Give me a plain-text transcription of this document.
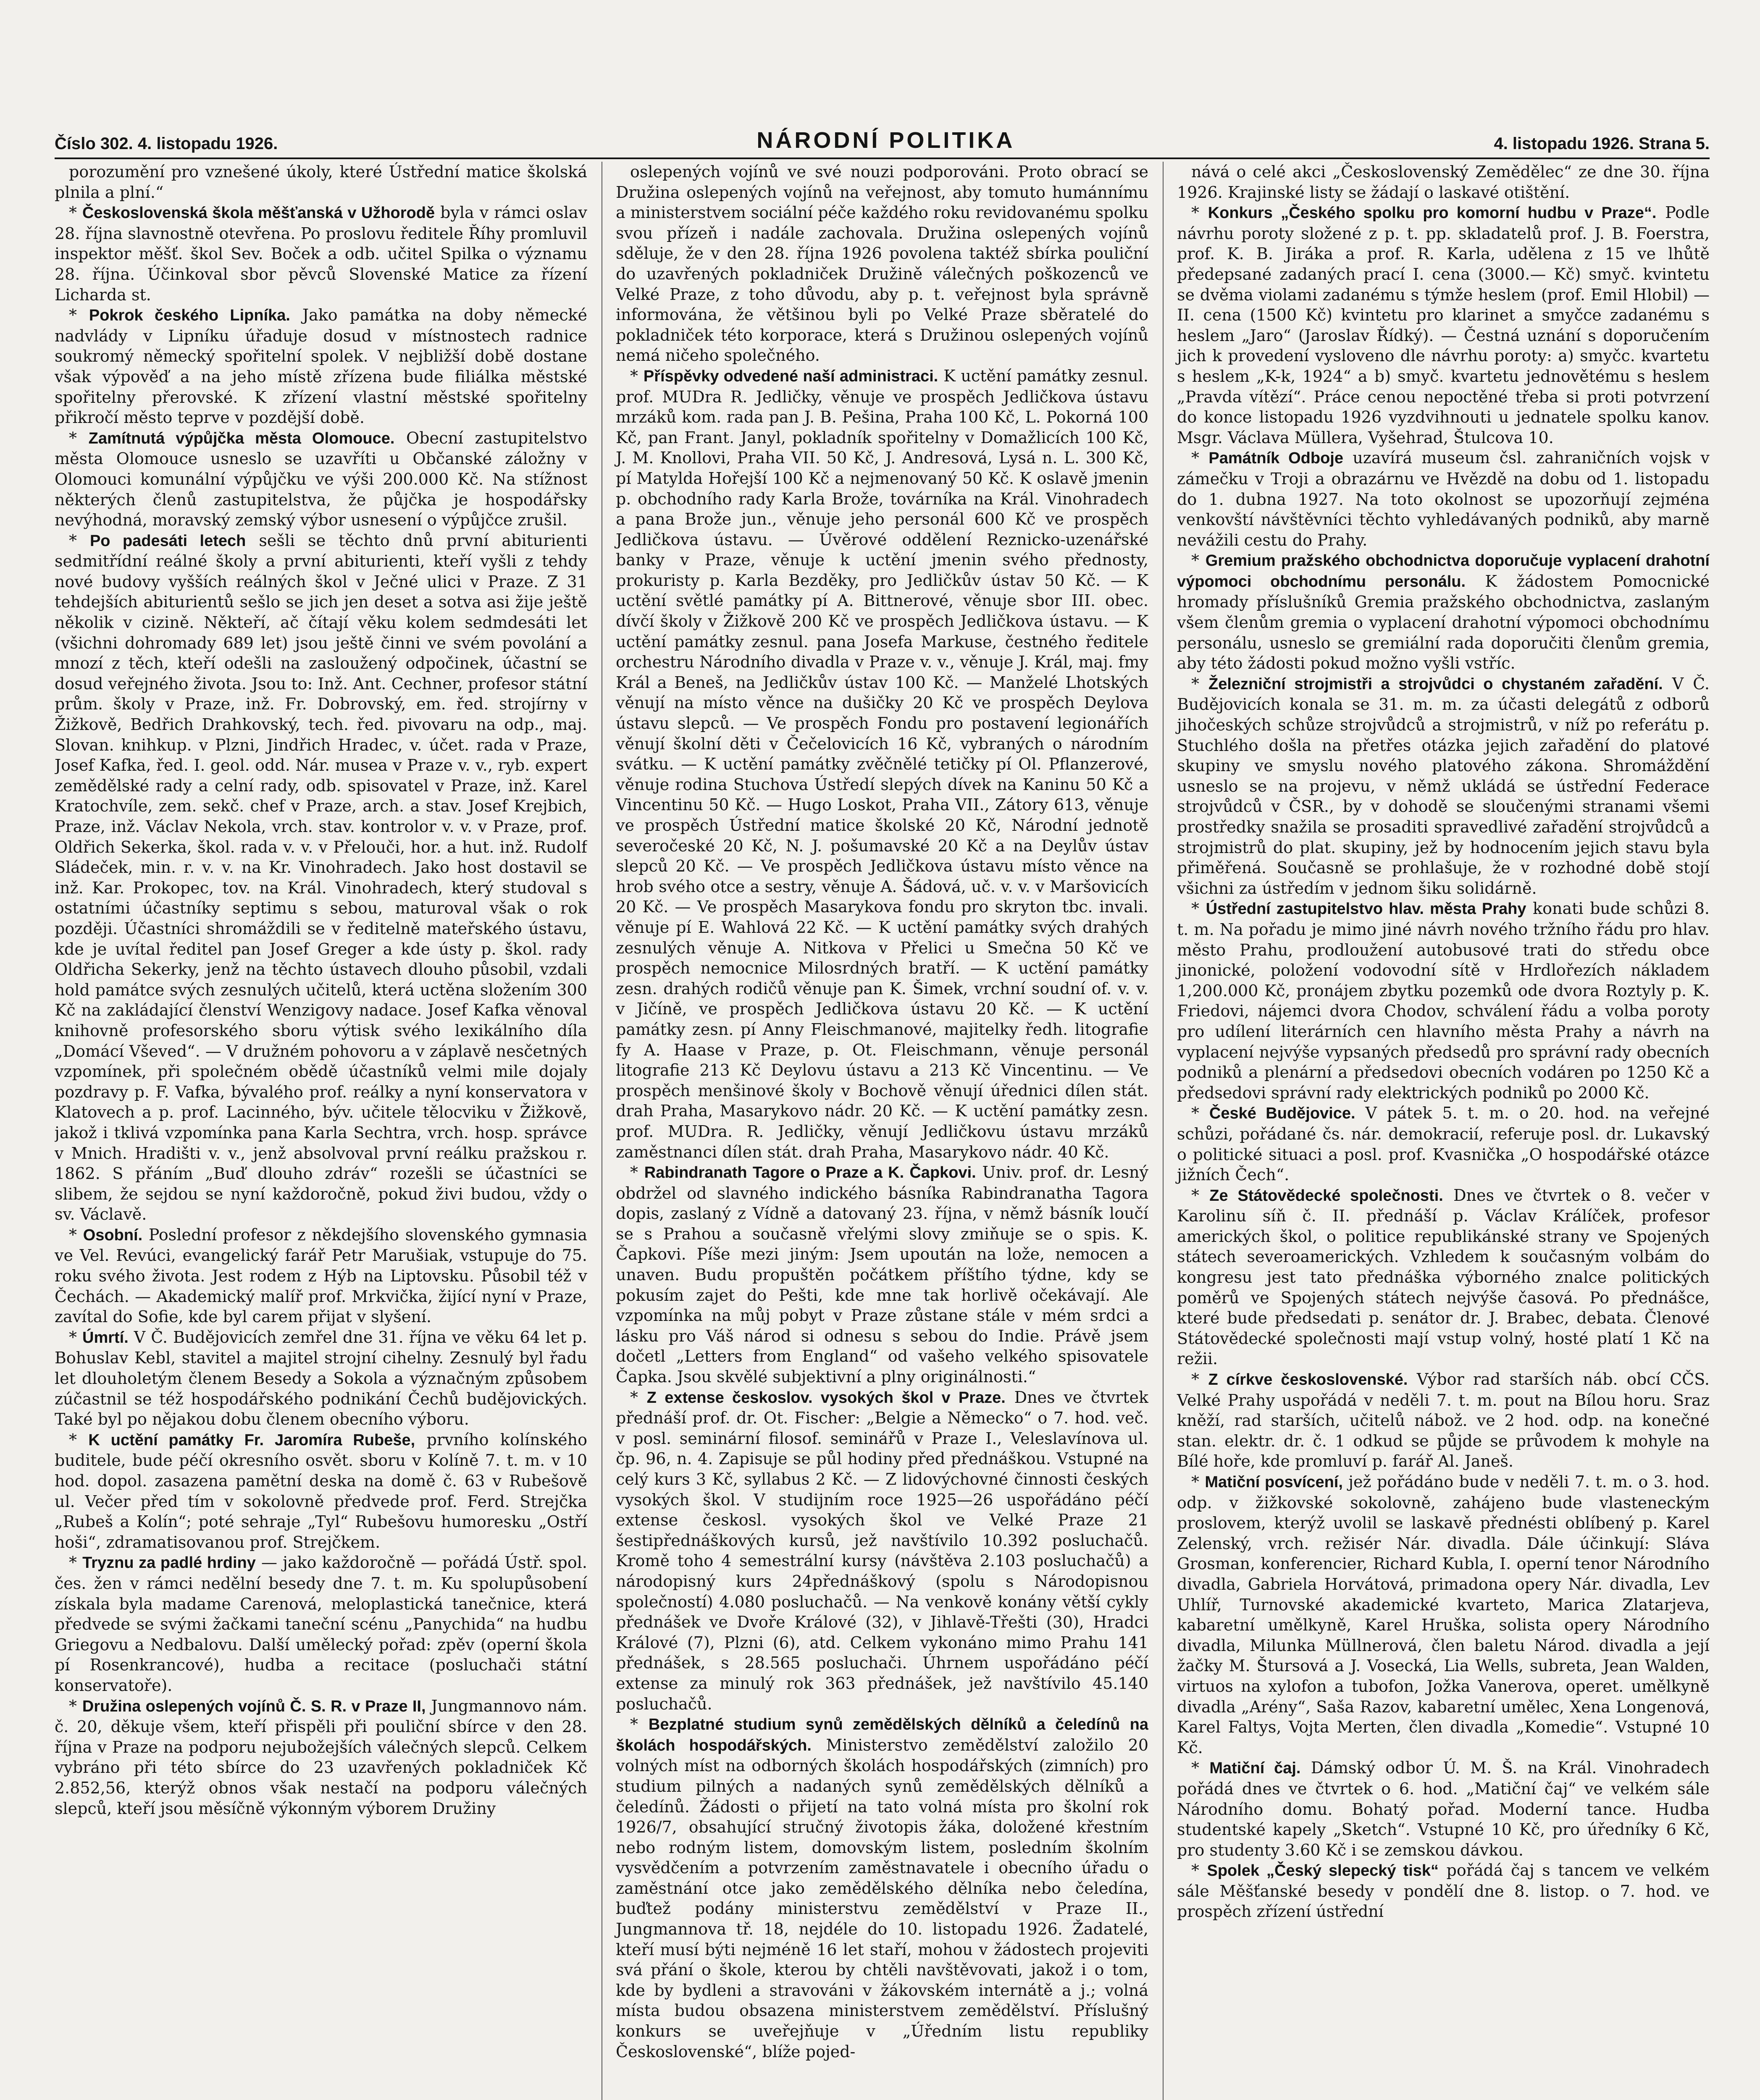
Číslo 302. 4. listopadu 1926.	NÁRODNÍ POLITIKA	4. listopadu 1926. Strana 5.

porozumění pro vznešené úkoly, které Ústřední matice školská plnila a plní.“

* Československá škola měšťanská v Užhorodě byla v rámci oslav 28. října slavnostně otevřena. Po proslovu ředitele Říhy promluvil inspektor měšť. škol Sev. Boček a odb. učitel Spilka o významu 28. října. Účinkoval sbor pěvců Slovenské Matice za řízení Licharda st.

* Pokrok českého Lipníka. Jako památka na doby německé nadvlády v Lipníku úřaduje dosud v místnostech radnice soukromý německý spořitelní spolek. V nejbližší době dostane však výpověď a na jeho místě zřízena bude filiálka městské spořitelny přerovské. K zřízení vlastní městské spořitelny přikročí město teprve v pozdější době.

* Zamítnutá výpůjčka města Olomouce. Obecní zastupitelstvo města Olomouce usneslo se uzavříti u Občanské záložny v Olomouci komunální výpůjčku ve výši 200.000 Kč. Na stížnost některých členů zastupitelstva, že půjčka je hospodářsky nevýhodná, moravský zemský výbor usnesení o výpůjčce zrušil.

* Po padesáti letech sešli se těchto dnů první abiturienti sedmitřídní reálné školy a první abiturienti, kteří vyšli z tehdy nové budovy vyšších reálných škol v Ječné ulici v Praze. Z 31 tehdejších abiturientů sešlo se jich jen deset a sotva asi žije ještě několik v cizině. Někteří, ač čítají věku kolem sedmdesáti let (všichni dohromady 689 let) jsou ještě činni ve svém povolání a mnozí z těch, kteří odešli na zasloužený odpočinek, účastní se dosud veřejného života. Jsou to: Inž. Ant. Cechner, profesor státní prům. školy v Praze, inž. Fr. Dobrovský, em. řed. strojírny v Žižkově, Bedřich Drahkovský, tech. řed. pivovaru na odp., maj. Slovan. knihkup. v Plzni, Jindřich Hradec, v. účet. rada v Praze, Josef Kafka, řed. I. geol. odd. Nár. musea v Praze v. v., ryb. expert zemědělské rady a celní rady, odb. spisovatel v Praze, inž. Karel Kratochvíle, zem. sekč. chef v Praze, arch. a stav. Josef Krejbich, Praze, inž. Václav Nekola, vrch. stav. kontrolor v. v. v Praze, prof. Oldřich Sekerka, škol. rada v. v. v Přelouči, hor. a hut. inž. Rudolf Sládeček, min. r. v. v. na Kr. Vinohradech. Jako host dostavil se inž. Kar. Prokopec, tov. na Král. Vinohradech, který studoval s ostatními účastníky septimu s sebou, maturoval však o rok později. Účastníci shromáždili se v ředitelně mateřského ústavu, kde je uvítal ředitel pan Josef Greger a kde ústy p. škol. rady Oldřicha Sekerky, jenž na těchto ústavech dlouho působil, vzdali hold památce svých zesnulých učitelů, která uctěna složením 300 Kč na zakládající členství Wenzigovy nadace. Josef Kafka věnoval knihovně profesorského sboru výtisk svého lexikálního díla „Domácí Vševed“. — V družném pohovoru a v záplavě nesčetných vzpomínek, při společném obědě účastníků velmi mile dojaly pozdravy p. F. Vafka, bývalého prof. reálky a nyní konservatora v Klatovech a p. prof. Lacinného, býv. učitele tělocviku v Žižkově, jakož i tklivá vzpomínka pana Karla Sechtra, vrch. hosp. správce v Mnich. Hradišti v. v., jenž absolvoval první reálku pražskou r. 1862. S přáním „Buď dlouho zdráv“ rozešli se účastníci se slibem, že sejdou se nyní každoročně, pokud živi budou, vždy o sv. Václavě.

* Osobní. Poslední profesor z někdejšího slovenského gymnasia ve Vel. Revúci, evangelický farář Petr Marušiak, vstupuje do 75. roku svého života. Jest rodem z Hýb na Liptovsku. Působil též v Čechách. — Akademický malíř prof. Mrkvička, žijící nyní v Praze, zavítal do Sofie, kde byl carem přijat v slyšení.

* Úmrtí. V Č. Budějovicích zemřel dne 31. října ve věku 64 let p. Bohuslav Kebl, stavitel a majitel strojní cihelny. Zesnulý byl řadu let dlouholetým členem Besedy a Sokola a význačným způsobem zúčastnil se též hospodářského podnikání Čechů budějovických. Také byl po nějakou dobu členem obecního výboru.

* K uctění památky Fr. Jaromíra Rubeše, prvního kolínského buditele, bude péčí okresního osvět. sboru v Kolíně 7. t. m. v 10 hod. dopol. zasazena pamětní deska na domě č. 63 v Rubešově ul. Večer před tím v sokolovně předvede prof. Ferd. Strejčka „Rubeš a Kolín“; poté sehraje „Tyl“ Rubešovu humoresku „Ostří hoši“, zdramatisovanou prof. Strejčkem.

* Tryznu za padlé hrdiny — jako každoročně — pořádá Ústř. spol. čes. žen v rámci nedělní besedy dne 7. t. m. Ku spolupůsobení získala byla madame Carenová, meloplastická tanečnice, která předvede se svými žačkami taneční scénu „Panychida“ na hudbu Griegovu a Nedbalovu. Další umělecký pořad: zpěv (operní škola pí Rosenkrancové), hudba a recitace (posluchači státní konservatoře).

* Družina oslepených vojínů Č. S. R. v Praze II, Jungmannovo nám. č. 20, děkuje všem, kteří přispěli při pouliční sbírce v den 28. října v Praze na podporu nejubožejších válečných slepců. Celkem vybráno při této sbírce do 23 uzavřených pokladniček Kč 2.852,56, kterýž obnos však nestačí na podporu válečných slepců, kteří jsou měsíčně výkonným výborem Družiny

oslepených vojínů ve své nouzi podporováni. Proto obrací se Družina oslepených vojínů na veřejnost, aby tomuto humánnímu a ministerstvem sociální péče každého roku revidovanému spolku svou přízeň i nadále zachovala. Družina oslepených vojínů sděluje, že v den 28. října 1926 povolena taktéž sbírka pouliční do uzavřených pokladniček Družině válečných poškozenců ve Velké Praze, z toho důvodu, aby p. t. veřejnost byla správně informována, že většinou byli po Velké Praze sběratelé do pokladniček této korporace, která s Družinou oslepených vojínů nemá ničeho společného.

* Příspěvky odvedené naší administraci. K uctění památky zesnul. prof. MUDra R. Jedličky, věnuje ve prospěch Jedličkova ústavu mrzáků kom. rada pan J. B. Pešina, Praha 100 Kč, L. Pokorná 100 Kč, pan Frant. Janyl, pokladník spořitelny v Domažlicích 100 Kč, J. M. Knollovi, Praha VII. 50 Kč, J. Andresová, Lysá n. L. 300 Kč, pí Matylda Hořejší 100 Kč a nejmenovaný 50 Kč. K oslavě jmenin p. obchodního rady Karla Brože, továrníka na Král. Vinohradech a pana Brože jun., věnuje jeho personál 600 Kč ve prospěch Jedličkova ústavu. — Úvěrové oddělení Reznicko-uzenářské banky v Praze, věnuje k uctění jmenin svého přednosty, prokuristy p. Karla Bezděky, pro Jedličkův ústav 50 Kč. — K uctění světlé památky pí A. Bittnerové, věnuje sbor III. obec. dívčí školy v Žižkově 200 Kč ve prospěch Jedličkova ústavu. — K uctění památky zesnul. pana Josefa Markuse, čestného ředitele orchestru Národního divadla v Praze v. v., věnuje J. Král, maj. fmy Král a Beneš, na Jedličkův ústav 100 Kč. — Manželé Lhotských věnují na místo věnce na dušičky 20 Kč ve prospěch Deylova ústavu slepců. — Ve prospěch Fondu pro postavení legionářích věnují školní děti v Čečelovicích 16 Kč, vybraných o národním svátku. — K uctění památky zvěčnělé tetičky pí Ol. Pflanzerové, věnuje rodina Stuchova Ústředí slepých dívek na Kaninu 50 Kč a Vincentinu 50 Kč. — Hugo Loskot, Praha VII., Zátory 613, věnuje ve prospěch Ústřední matice školské 20 Kč, Národní jednotě severočeské 20 Kč, N. J. pošumavské 20 Kč a na Deylův ústav slepců 20 Kč. — Ve prospěch Jedličkova ústavu místo věnce na hrob svého otce a sestry, věnuje A. Šádová, uč. v. v. v Maršovicích 20 Kč. — Ve prospěch Masarykova fondu pro skryton tbc. invali. věnuje pí E. Wahlová 22 Kč. — K uctění památky svých drahých zesnulých věnuje A. Nitkova v Přelici u Smečna 50 Kč ve prospěch nemocnice Milosrdných bratří. — K uctění památky zesn. drahých rodičů věnuje pan K. Šimek, vrchní soudní of. v. v. v Jičíně, ve prospěch Jedličkova ústavu 20 Kč. — K uctění památky zesn. pí Anny Fleischmanové, majitelky ředh. litografie fy A. Haase v Praze, p. Ot. Fleischmann, věnuje personál litografie 213 Kč Deylovu ústavu a 213 Kč Vincentinu. — Ve prospěch menšinové školy v Bochově věnují úřednici dílen stát. drah Praha, Masarykovo nádr. 20 Kč. — K uctění památky zesn. prof. MUDra. R. Jedličky, věnují Jedličkovu ústavu mrzáků zaměstnanci dílen stát. drah Praha, Masarykovo nádr. 40 Kč.

* Rabindranath Tagore o Praze a K. Čapkovi. Univ. prof. dr. Lesný obdržel od slavného indického básníka Rabindranatha Tagora dopis, zaslaný z Vídně a datovaný 23. října, v němž básník loučí se s Prahou a současně vřelými slovy zmiňuje se o spis. K. Čapkovi. Píše mezi jiným: Jsem upoután na lože, nemocen a unaven. Budu propuštěn počátkem příštího týdne, kdy se pokusím zajet do Pešti, kde mne tak horlivě očekávají. Ale vzpomínka na můj pobyt v Praze zůstane stále v mém srdci a lásku pro Váš národ si odnesu s sebou do Indie. Právě jsem dočetl „Letters from England“ od vašeho velkého spisovatele Čapka. Jsou skvělé subjektivní a plny originálnosti.“

* Z extense českoslov. vysokých škol v Praze. Dnes ve čtvrtek přednáší prof. dr. Ot. Fischer: „Belgie a Německo“ o 7. hod. več. v posl. seminární filosof. seminářů v Praze I., Veleslavínova ul. čp. 96, n. 4. Zapisuje se půl hodiny před přednáškou. Vstupné na celý kurs 3 Kč, syllabus 2 Kč. — Z lidovýchovné činnosti českých vysokých škol. V studijním roce 1925—26 uspořádáno péčí extense českosl. vysokých škol ve Velké Praze 21 šestipřednáškových kursů, jež navštívilo 10.392 posluchačů. Kromě toho 4 semestrální kursy (návštěva 2.103 posluchačů) a národopisný kurs 24přednáškový (spolu s Národopisnou společností) 4.080 posluchačů. — Na venkově konány větší cykly přednášek ve Dvoře Králové (32), v Jihlavě-Třešti (30), Hradci Králové (7), Plzni (6), atd. Celkem vykonáno mimo Prahu 141 přednášek, s 28.565 posluchači. Úhrnem uspořádáno péčí extense za minulý rok 363 přednášek, jež navštívilo 45.140 posluchačů.

* Bezplatné studium synů zemědělských dělníků a čeledínů na školách hospodářských. Ministerstvo zemědělství založilo 20 volných míst na odborných školách hospodářských (zimních) pro studium pilných a nadaných synů zemědělských dělníků a čeledínů. Žádosti o přijetí na tato volná místa pro školní rok 1926/7, obsahující stručný životopis žáka, doložené křestním nebo rodným listem, domovským listem, posledním školním vysvědčením a potvrzením zaměstnavatele i obecního úřadu o zaměstnání otce jako zemědělského dělníka nebo čeledína, buďtež podány ministerstvu zemědělství v Praze II., Jungmannova tř. 18, nejdéle do 10. listopadu 1926. Žadatelé, kteří musí býti nejméně 16 let staří, mohou v žádostech projeviti svá přání o škole, kterou by chtěli navštěvovati, jakož i o tom, kde by bydleni a stravováni v žákovském internátě a j.; volná místa budou obsazena ministerstvem zemědělství. Příslušný konkurs se uveřejňuje v „Úředním listu republiky Československé“, blíže pojed-

nává o celé akci „Československý Zemědělec“ ze dne 30. října 1926. Krajinské listy se žádají o laskavé otištění.

* Konkurs „Českého spolku pro komorní hudbu v Praze“. Podle návrhu poroty složené z p. t. pp. skladatelů prof. J. B. Foerstra, prof. K. B. Jiráka a prof. R. Karla, udělena z 15 ve lhůtě předepsané zadaných prací I. cena (3000.— Kč) smyč. kvintetu se dvěma violami zadanému s týmže heslem (prof. Emil Hlobil) — II. cena (1500 Kč) kvintetu pro klarinet a smyčce zadanému s heslem „Jaro“ (Jaroslav Řídký). — Čestná uznání s doporučením jich k provedení vysloveno dle návrhu poroty: a) smyčc. kvartetu s heslem „K-k, 1924“ a b) smyč. kvartetu jednovětému s heslem „Pravda vítězí“. Práce cenou nepoctěné třeba si proti potvrzení do konce listopadu 1926 vyzdvihnouti u jednatele spolku kanov. Msgr. Václava Müllera, Vyšehrad, Štulcova 10.

* Památník Odboje uzavírá museum čsl. zahraničních vojsk v zámečku v Troji a obrazárnu ve Hvězdě na dobu od 1. listopadu do 1. dubna 1927. Na toto okolnost se upozorňují zejména venkovští návštěvníci těchto vyhledávaných podniků, aby marně nevážili cestu do Prahy.

* Gremium pražského obchodnictva doporučuje vyplacení drahotní výpomoci obchodnímu personálu. K žádostem Pomocnické hromady příslušníků Gremia pražského obchodnictva, zaslaným všem členům gremia o vyplacení drahotní výpomoci obchodnímu personálu, usneslo se gremiální rada doporučiti členům gremia, aby této žádosti pokud možno vyšli vstříc.

* Železniční strojmistři a strojvůdci o chystaném zařadění. V Č. Budějovicích konala se 31. m. m. za účasti delegátů z odborů jihočeských schůze strojvůdců a strojmistrů, v níž po referátu p. Stuchlého došla na přetřes otázka jejich zařadění do platové skupiny ve smyslu nového platového zákona. Shromáždění usneslo se na projevu, v němž ukládá se ústřední Federace strojvůdců v ČSR., by v dohodě se sloučenými stranami všemi prostředky snažila se prosaditi spravedlivé zařadění strojvůdců a strojmistrů do plat. skupiny, jež by hodnocením jejich stavu byla přiměřená. Současně se prohlašuje, že v rozhodné době stojí všichni za ústředím v jednom šiku solidárně.

* Ústřední zastupitelstvo hlav. města Prahy konati bude schůzi 8. t. m. Na pořadu je mimo jiné návrh nového tržního řádu pro hlav. město Prahu, prodloužení autobusové trati do středu obce jinonické, položení vodovodní sítě v Hrdlořezích nákladem 1,200.000 Kč, pronájem zbytku pozemků ode dvora Roztyly p. K. Friedovi, nájemci dvora Chodov, schválení řádu a volba poroty pro udílení literárních cen hlavního města Prahy a návrh na vyplacení nejvýše vypsaných předsedů pro správní rady obecních podniků a plenární a předsedovi obecních vodáren po 1250 Kč a předsedovi správní rady elektrických podniků po 2000 Kč.

* České Budějovice. V pátek 5. t. m. o 20. hod. na veřejné schůzi, pořádané čs. nár. demokracií, referuje posl. dr. Lukavský o politické situaci a posl. prof. Kvasnička „O hospodářské otázce jižních Čech“.

* Ze Státovědecké společnosti. Dnes ve čtvrtek o 8. večer v Karolinu síň č. II. přednáší p. Václav Králíček, profesor amerických škol, o politice republikánské strany ve Spojených státech severoamerických. Vzhledem k současným volbám do kongresu jest tato přednáška výborného znalce politických poměrů ve Spojených státech nejvýše časová. Po přednášce, které bude předsedati p. senátor dr. J. Brabec, debata. Členové Státovědecké společnosti mají vstup volný, hosté platí 1 Kč na režii.

* Z církve československé. Výbor rad starších náb. obcí CČS. Velké Prahy uspořádá v neděli 7. t. m. pout na Bílou horu. Sraz kněží, rad starších, učitelů nábož. ve 2 hod. odp. na konečné stan. elektr. dr. č. 1 odkud se půjde se průvodem k mohyle na Bílé hoře, kde promluví p. farář Al. Janeš.

* Matiční posvícení, jež pořádáno bude v neděli 7. t. m. o 3. hod. odp. v žižkovské sokolovně, zahájeno bude vlasteneckým proslovem, kterýž uvolil se laskavě přednésti oblíbený p. Karel Zelenský, vrch. režisér Nár. divadla. Dále účinkují: Sláva Grosman, konferencier, Richard Kubla, I. operní tenor Národního divadla, Gabriela Horvátová, primadona opery Nár. divadla, Lev Uhlíř, Turnovské akademické kvarteto, Marica Zlatarjeva, kabaretní umělkyně, Karel Hruška, solista opery Národního divadla, Milunka Müllnerová, člen baletu Národ. divadla a její žačky M. Štursová a J. Vosecká, Lia Wells, subreta, Jean Walden, virtuos na xylofon a tubofon, Jožka Vanerova, operet. umělkyně divadla „Arény“, Saša Razov, kabaretní umělec, Xena Longenová, Karel Faltys, Vojta Merten, člen divadla „Komedie“. Vstupné 10 Kč.

* Matiční čaj. Dámský odbor Ú. M. Š. na Král. Vinohradech pořádá dnes ve čtvrtek o 6. hod. „Matiční čaj“ ve velkém sále Národního domu. Bohatý pořad. Moderní tance. Hudba studentské kapely „Sketch“. Vstupné 10 Kč, pro úředníky 6 Kč, pro studenty 3.60 Kč i se zemskou dávkou.

* Spolek „Český slepecký tisk“ pořádá čaj s tancem ve velkém sále Měšťanské besedy v pondělí dne 8. listop. o 7. hod. ve prospěch zřízení ústřední
